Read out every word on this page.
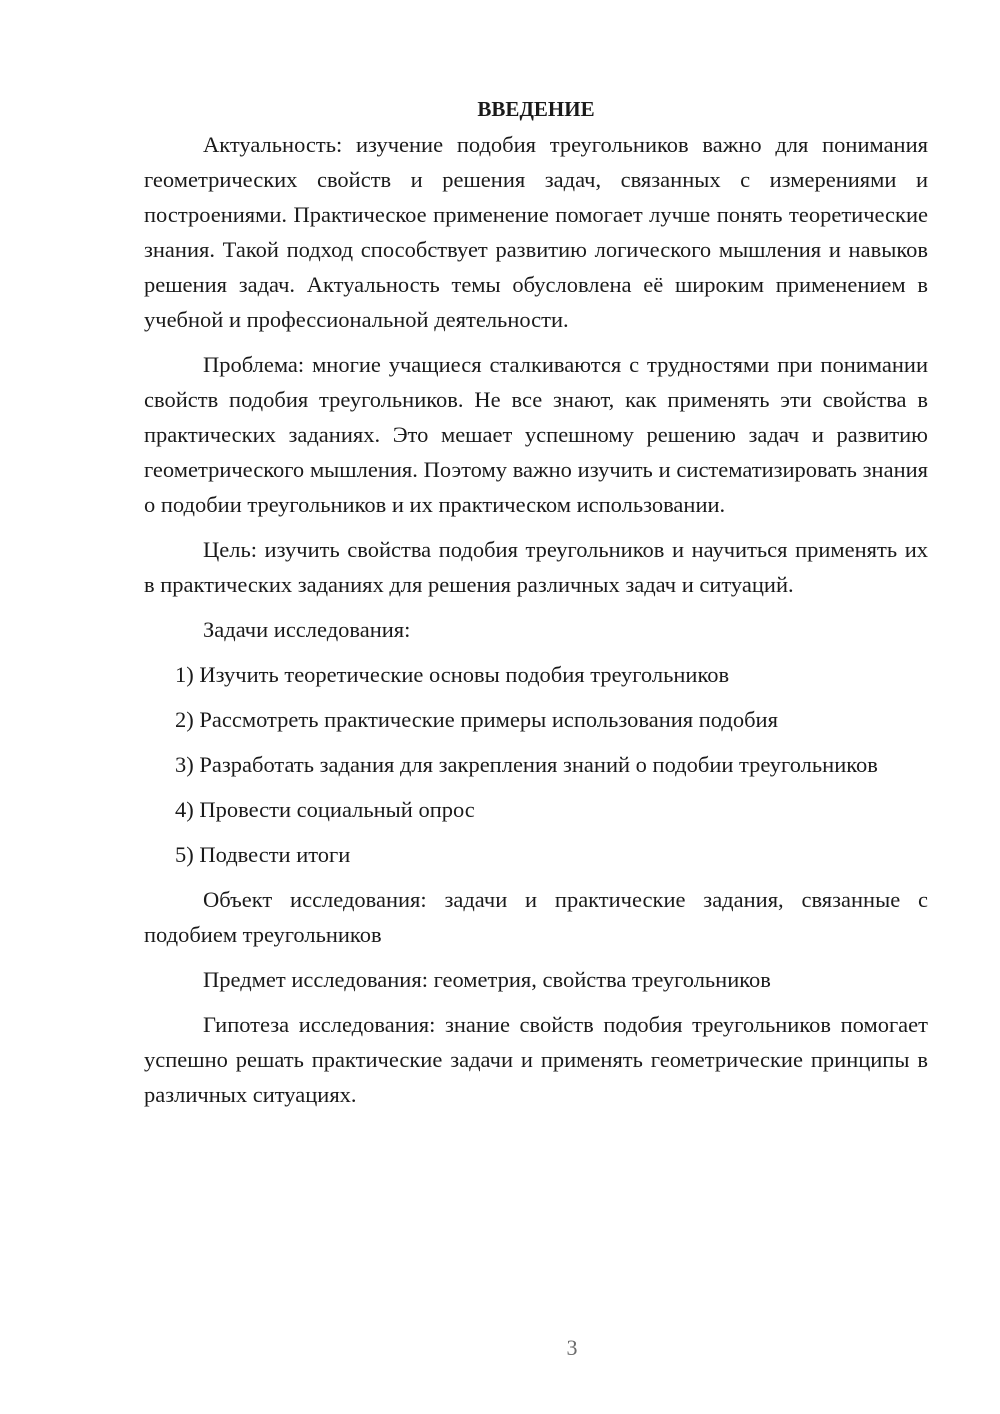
ВВЕДЕНИЕ

Актуальность: изучение подобия треугольников важно для понимания геометрических свойств и решения задач, связанных с измерениями и построениями. Практическое применение помогает лучше понять теоретические знания. Такой подход способствует развитию логического мышления и навыков решения задач. Актуальность темы обусловлена её широким применением в учебной и профессиональной деятельности.

Проблема: многие учащиеся сталкиваются с трудностями при понимании свойств подобия треугольников. Не все знают, как применять эти свойства в практических заданиях. Это мешает успешному решению задач и развитию геометрического мышления. Поэтому важно изучить и систематизировать знания о подобии треугольников и их практическом использовании.

Цель: изучить свойства подобия треугольников и научиться применять их в практических заданиях для решения различных задач и ситуаций.

Задачи исследования:

1) Изучить теоретические основы подобия треугольников

2) Рассмотреть практические примеры использования подобия

3) Разработать задания для закрепления знаний о подобии треугольников

4) Провести социальный опрос

5) Подвести итоги

Объект исследования: задачи и практические задания, связанные с подобием треугольников

Предмет исследования: геометрия, свойства треугольников

Гипотеза исследования: знание свойств подобия треугольников помогает успешно решать практические задачи и применять геометрические принципы в различных ситуациях.

3
